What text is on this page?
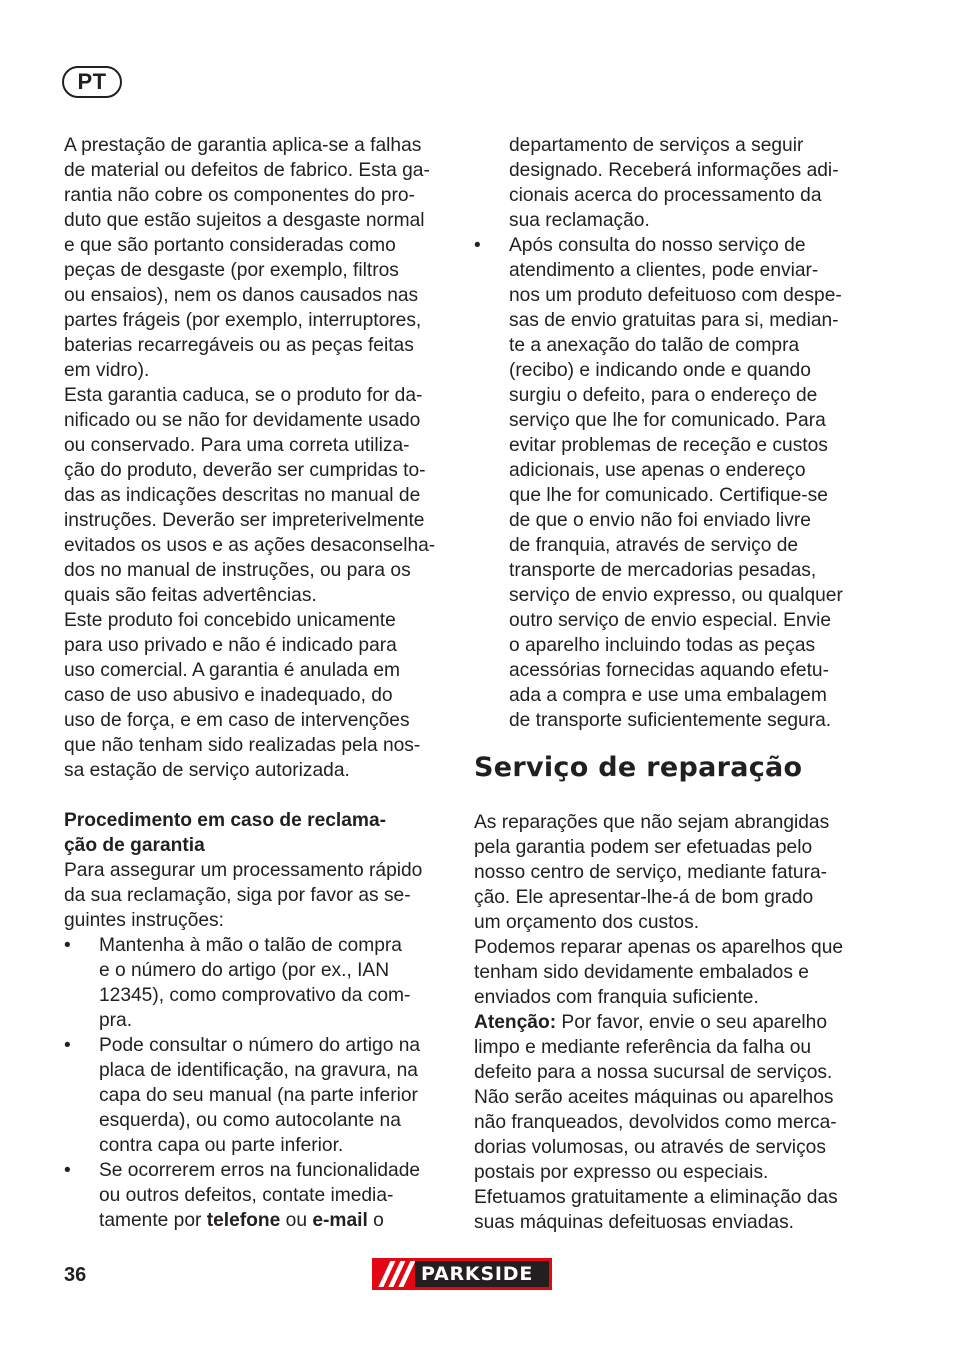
PT
A prestação de garantia aplica-se a falhas
de material ou defeitos de fabrico. Esta ga-
rantia não cobre os componentes do pro-
duto que estão sujeitos a desgaste normal
e que são portanto consideradas como
peças de desgaste (por exemplo, filtros
ou ensaios), nem os danos causados nas
partes frágeis (por exemplo, interruptores,
baterias recarregáveis ou as peças feitas
em vidro).
Esta garantia caduca, se o produto for da-
nificado ou se não for devidamente usado
ou conservado. Para uma correta utiliza-
ção do produto, deverão ser cumpridas to-
das as indicações descritas no manual de
instruções. Deverão ser impreterivelmente
evitados os usos e as ações desaconselha-
dos no manual de instruções, ou para os
quais são feitas advertências.
Este produto foi concebido unicamente
para uso privado e não é indicado para
uso comercial. A garantia é anulada em
caso de uso abusivo e inadequado, do
uso de força, e em caso de intervenções
que não tenham sido realizadas pela nos-
sa estação de serviço autorizada.
Procedimento em caso de reclama-
ção de garantia
Para assegurar um processamento rápido
da sua reclamação, siga por favor as se-
guintes instruções:
• Mantenha à mão o talão de compra
e o número do artigo (por ex., IAN
12345), como comprovativo da com-
pra.
• Pode consultar o número do artigo na
placa de identificação, na gravura, na
capa do seu manual (na parte inferior
esquerda), ou como autocolante na
contra capa ou parte inferior.
• Se ocorrerem erros na funcionalidade
ou outros defeitos, contate imedia-
tamente por telefone ou e-mail o
departamento de serviços a seguir
designado. Receberá informações adi-
cionais acerca do processamento da
sua reclamação.
• Após consulta do nosso serviço de
atendimento a clientes, pode enviar-
nos um produto defeituoso com despe-
sas de envio gratuitas para si, median-
te a anexação do talão de compra
(recibo) e indicando onde e quando
surgiu o defeito, para o endereço de
serviço que lhe for comunicado. Para
evitar problemas de receção e custos
adicionais, use apenas o endereço
que lhe for comunicado. Certifique-se
de que o envio não foi enviado livre
de franquia, através de serviço de
transporte de mercadorias pesadas,
serviço de envio expresso, ou qualquer
outro serviço de envio especial. Envie
o aparelho incluindo todas as peças
acessórias fornecidas aquando efetu-
ada a compra e use uma embalagem
de transporte suficientemente segura.
Serviço de reparação
As reparações que não sejam abrangidas
pela garantia podem ser efetuadas pelo
nosso centro de serviço, mediante fatura-
ção. Ele apresentar-lhe-á de bom grado
um orçamento dos custos.
Podemos reparar apenas os aparelhos que
tenham sido devidamente embalados e
enviados com franquia suficiente.
Atenção: Por favor, envie o seu aparelho
limpo e mediante referência da falha ou
defeito para a nossa sucursal de serviços.
Não serão aceites máquinas ou aparelhos
não franqueados, devolvidos como merca-
dorias volumosas, ou através de serviços
postais por expresso ou especiais.
Efetuamos gratuitamente a eliminação das
suas máquinas defeituosas enviadas.
36	PARKSIDE
